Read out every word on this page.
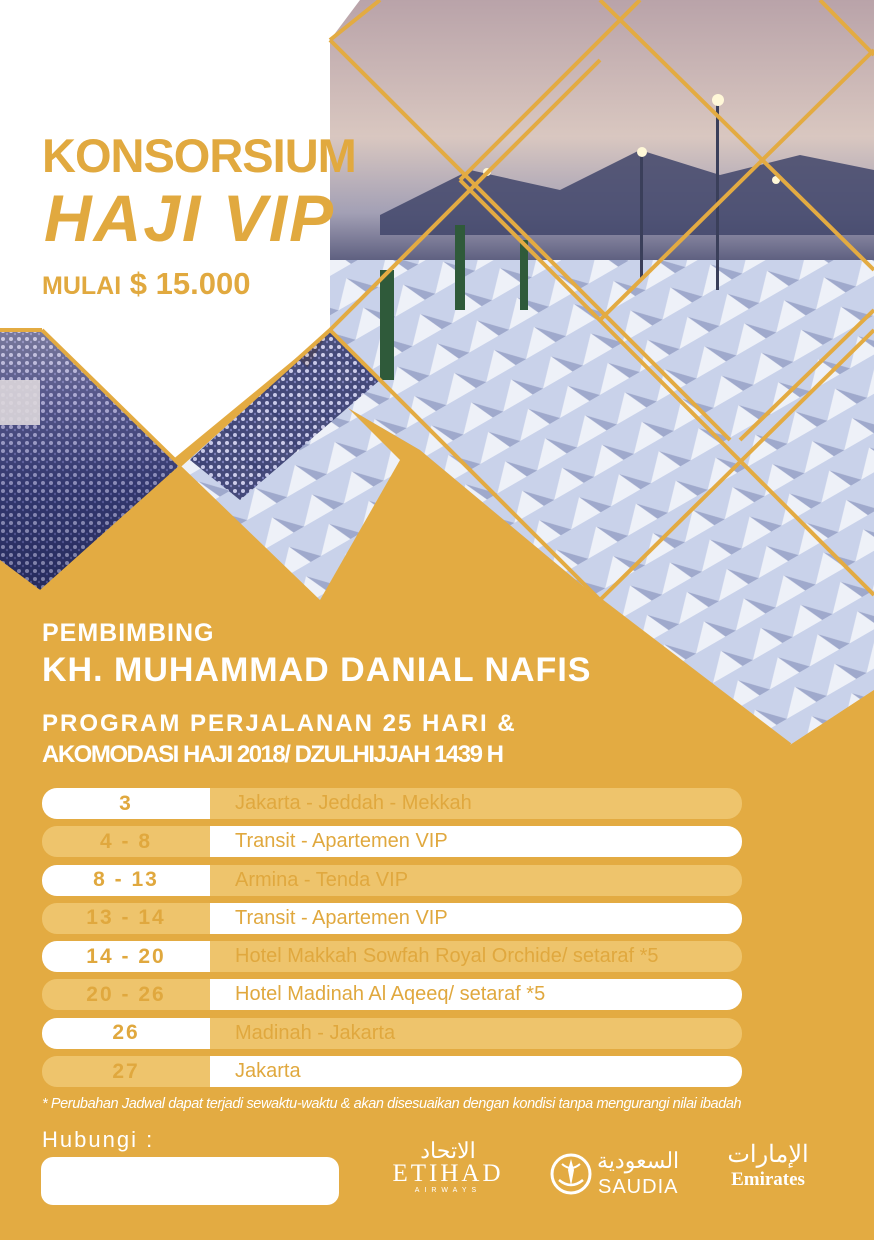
KONSORSIUM
HAJI VIP
MULAI $ 15.000
PEMBIMBING
KH. MUHAMMAD DANIAL NAFIS
PROGRAM PERJALANAN 25 HARI &
AKOMODASI HAJI 2018/ DZULHIJJAH 1439 H
3	Jakarta - Jeddah - Mekkah
4 - 8	Transit - Apartemen VIP
8 - 13	Armina - Tenda VIP
13 - 14	Transit - Apartemen VIP
14 - 20	Hotel Makkah Sowfah Royal Orchide/ setaraf *5
20 - 26	Hotel Madinah Al Aqeeq/ setaraf *5
26	Madinah - Jakarta
27	Jakarta
* Perubahan Jadwal dapat terjadi sewaktu-waktu & akan disesuaikan dengan kondisi tanpa mengurangi nilai ibadah
Hubungi :	الاتحاد
ETIHAD
AIRWAYS
السعودية
SAUDIA
الإمارات
Emirates
